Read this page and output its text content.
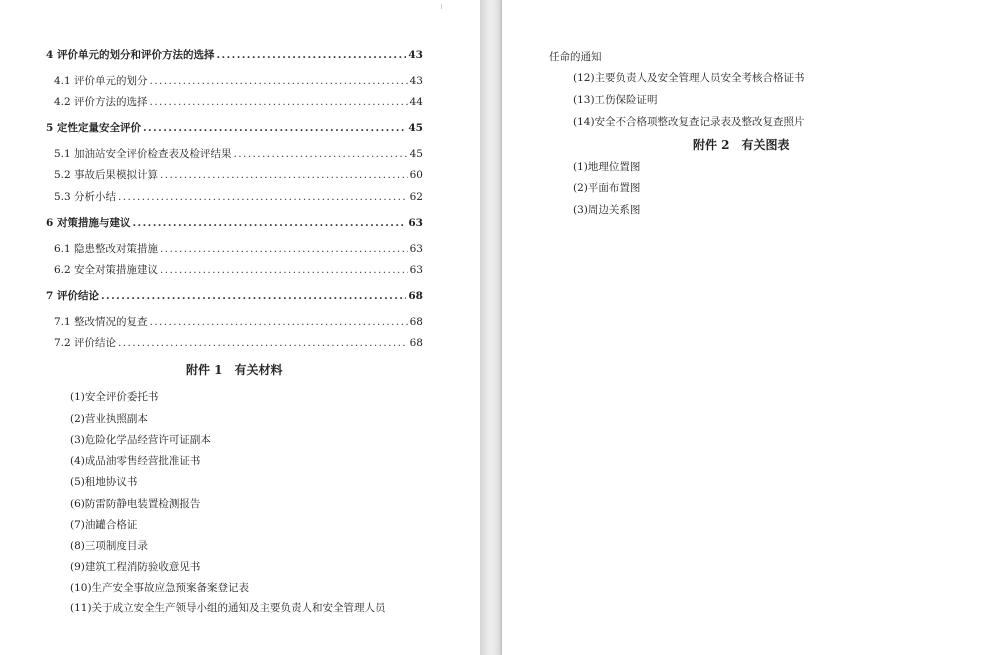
4 评价单元的划分和评价方法的选择 .....	43
4.1 评价单元的划分 .....	43
4.2 评价方法的选择 .....	44
5 定性定量安全评价 .....	45
5.1 加油站安全评价检查表及检评结果 .....	45
5.2 事故后果模拟计算 .....	60
5.3 分析小结 .....	62
6 对策措施与建议 .....	63
6.1 隐患整改对策措施 .....	63
6.2 安全对策措施建议 .....	63
7 评价结论 .....	68
7.1 整改情况的复查 .....	68
7.2 评价结论 .....	68
附件 1　有关材料
(1)安全评价委托书
(2)营业执照副本
(3)危险化学品经营许可证副本
(4)成品油零售经营批准证书
(5)租地协议书
(6)防雷防静电装置检测报告
(7)油罐合格证
(8)三项制度目录
(9)建筑工程消防验收意见书
(10)生产安全事故应急预案备案登记表
(11)关于成立安全生产领导小组的通知及主要负责人和安全管理人员
任命的通知
(12)主要负责人及安全管理人员安全考核合格证书
(13)工伤保险证明
(14)安全不合格项整改复查记录表及整改复查照片
附件 2　有关图表
(1)地理位置图
(2)平面布置图
(3)周边关系图
